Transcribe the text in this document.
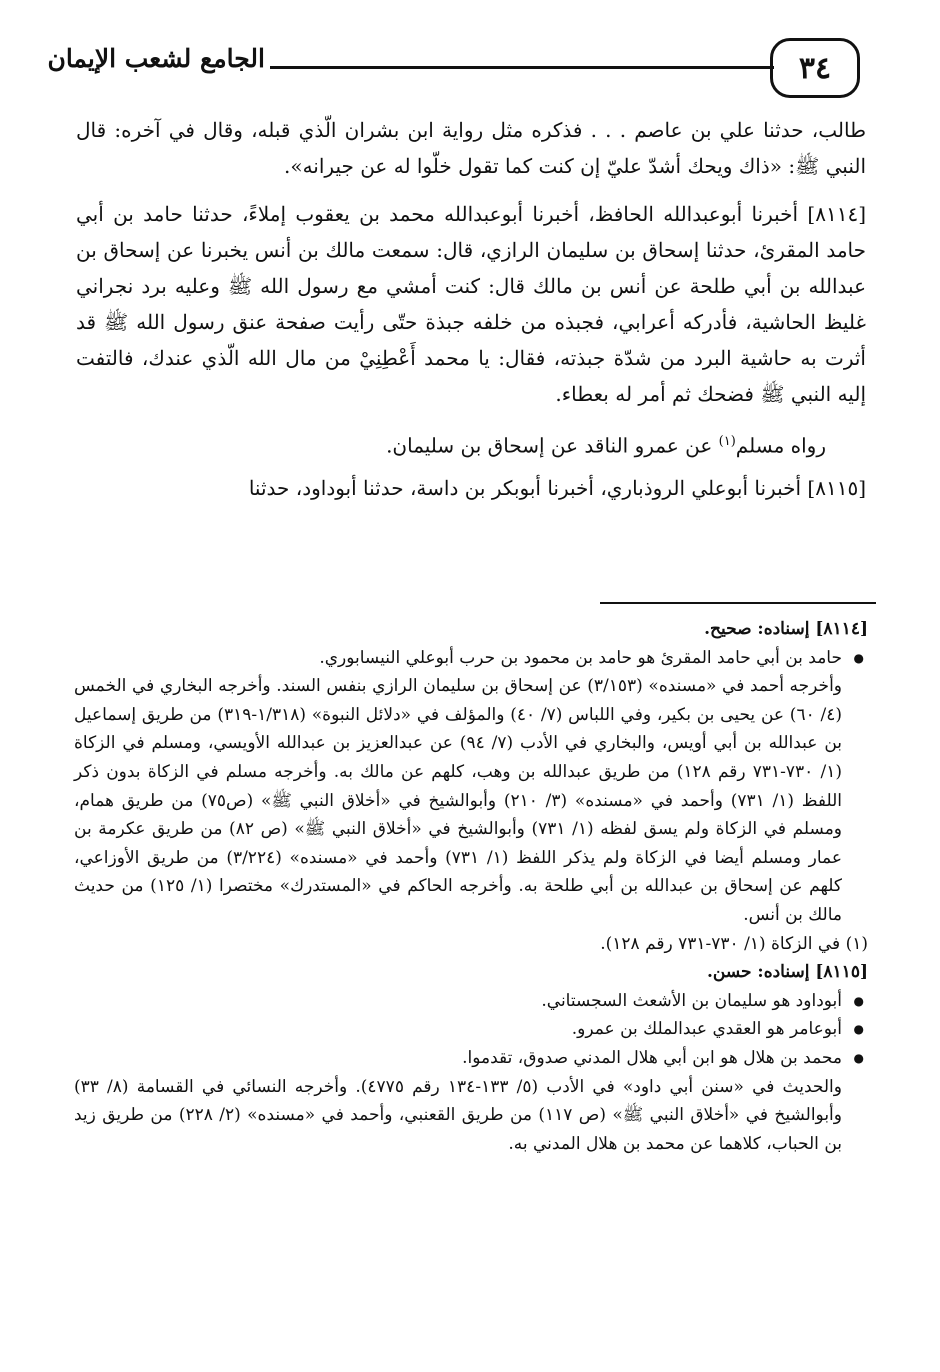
٣٤
الجامع لشعب الإيمان

طالب، حدثنا علي بن عاصم . . . فذكره مثل رواية ابن بشران الّذي قبله، وقال في آخره: قال النبي ﷺ: «ذاك ويحك أشدّ عليّ إن كنت كما تقول خلّوا له عن جيرانه».

[٨١١٤] أخبرنا أبوعبدالله الحافظ، أخبرنا أبوعبدالله محمد بن يعقوب إملاءً، حدثنا حامد بن أبي حامد المقرئ، حدثنا إسحاق بن سليمان الرازي، قال: سمعت مالك بن أنس يخبرنا عن إسحاق بن عبدالله بن أبي طلحة عن أنس بن مالك قال: كنت أمشي مع رسول الله ﷺ وعليه برد نجراني غليظ الحاشية، فأدركه أعرابي، فجبذه من خلفه جبذة حتّى رأيت صفحة عنق رسول الله ﷺ قد أثرت به حاشية البرد من شدّة جبذته، فقال: يا محمد أَعْطِنِيْ من مال الله الّذي عندك، فالتفت إليه النبي ﷺ فضحك ثم أمر له بعطاء.

رواه مسلم$^{(١)}$ عن عمرو الناقد عن إسحاق بن سليمان.

[٨١١٥] أخبرنا أبوعلي الروذباري، أخبرنا أبوبكر بن داسة، حدثنا أبوداود، حدثنا

[٨١١٤] إسناده: صحيح.

● حامد بن أبي حامد المقرئ هو حامد بن محمود بن حرب أبوعلي النيسابوري.

وأخرجه أحمد في «مسنده» (٣/١٥٣) عن إسحاق بن سليمان الرازي بنفس السند. وأخرجه البخاري في الخمس (٤/ ٦٠) عن يحيى بن بكير، وفي اللباس (٧/ ٤٠) والمؤلف في «دلائل النبوة» (١/٣١٨-٣١٩) من طريق إسماعيل بن عبدالله بن أبي أويس، والبخاري في الأدب (٧/ ٩٤) عن عبدالعزيز بن عبدالله الأويسي، ومسلم في الزكاة (١/ ٧٣٠-٧٣١ رقم ١٢٨) من طريق عبدالله بن وهب، كلهم عن مالك به. وأخرجه مسلم في الزكاة بدون ذكر اللفظ (١/ ٧٣١) وأحمد في «مسنده» (٣/ ٢١٠) وأبوالشيخ في «أخلاق النبي ﷺ» (ص٧٥) من طريق همام، ومسلم في الزكاة ولم يسق لفظه (١/ ٧٣١) وأبوالشيخ في «أخلاق النبي ﷺ» (ص ٨٢) من طريق عكرمة بن عمار ومسلم أيضا في الزكاة ولم يذكر اللفظ (١/ ٧٣١) وأحمد في «مسنده» (٣/٢٢٤) من طريق الأوزاعي، كلهم عن إسحاق بن عبدالله بن أبي طلحة به. وأخرجه الحاكم في «المستدرك» مختصرا (١/ ١٢٥) من حديث مالك بن أنس.

(١) في الزكاة (١/ ٧٣٠-٧٣١ رقم ١٢٨).

[٨١١٥] إسناده: حسن.

● أبوداود هو سليمان بن الأشعث السجستاني.
● أبوعامر هو العقدي عبدالملك بن عمرو.
● محمد بن هلال هو ابن أبي هلال المدني صدوق، تقدموا.

والحديث في «سنن أبي داود» في الأدب (٥/ ١٣٣-١٣٤ رقم ٤٧٧٥). وأخرجه النسائي في القسامة (٨/ ٣٣) وأبوالشيخ في «أخلاق النبي ﷺ» (ص ١١٧) من طريق القعنبي، وأحمد في «مسنده» (٢/ ٢٢٨) من طريق زيد بن الحباب، كلاهما عن محمد بن هلال المدني به.
